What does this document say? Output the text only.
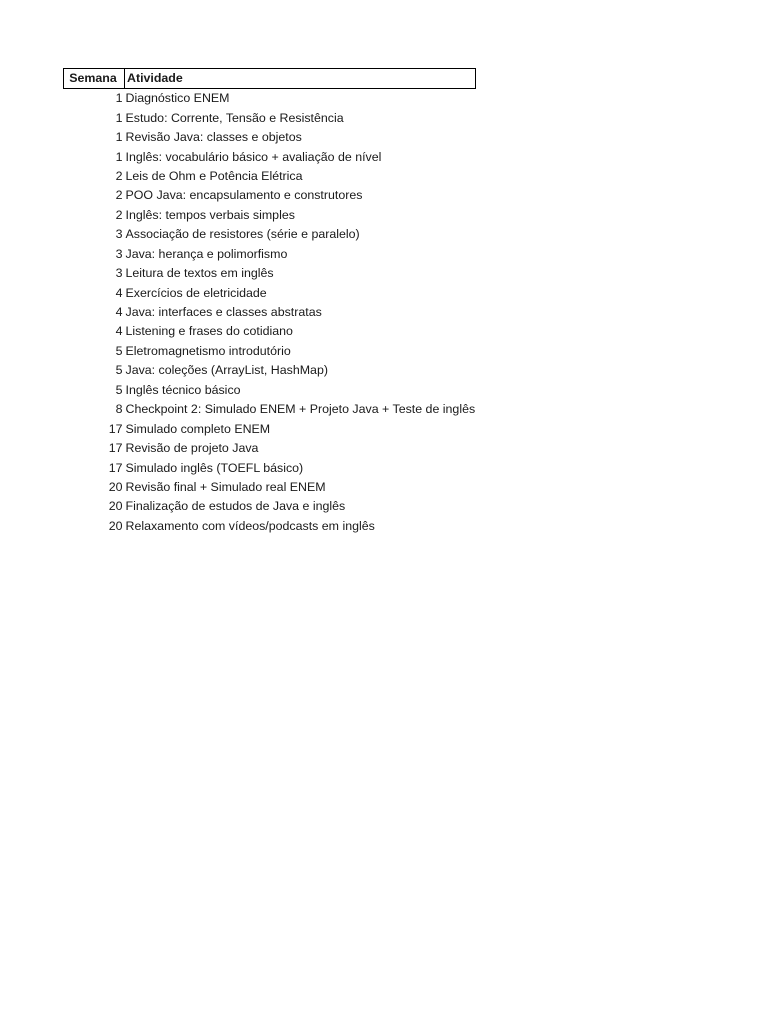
Semana	Atividade
1	Diagnóstico ENEM
1	Estudo: Corrente, Tensão e Resistência
1	Revisão Java: classes e objetos
1	Inglês: vocabulário básico + avaliação de nível
2	Leis de Ohm e Potência Elétrica
2	POO Java: encapsulamento e construtores
2	Inglês: tempos verbais simples
3	Associação de resistores (série e paralelo)
3	Java: herança e polimorfismo
3	Leitura de textos em inglês
4	Exercícios de eletricidade
4	Java: interfaces e classes abstratas
4	Listening e frases do cotidiano
5	Eletromagnetismo introdutório
5	Java: coleções (ArrayList, HashMap)
5	Inglês técnico básico
8	Checkpoint 2: Simulado ENEM + Projeto Java + Teste de inglês
17	Simulado completo ENEM
17	Revisão de projeto Java
17	Simulado inglês (TOEFL básico)
20	Revisão final + Simulado real ENEM
20	Finalização de estudos de Java e inglês
20	Relaxamento com vídeos/podcasts em inglês
